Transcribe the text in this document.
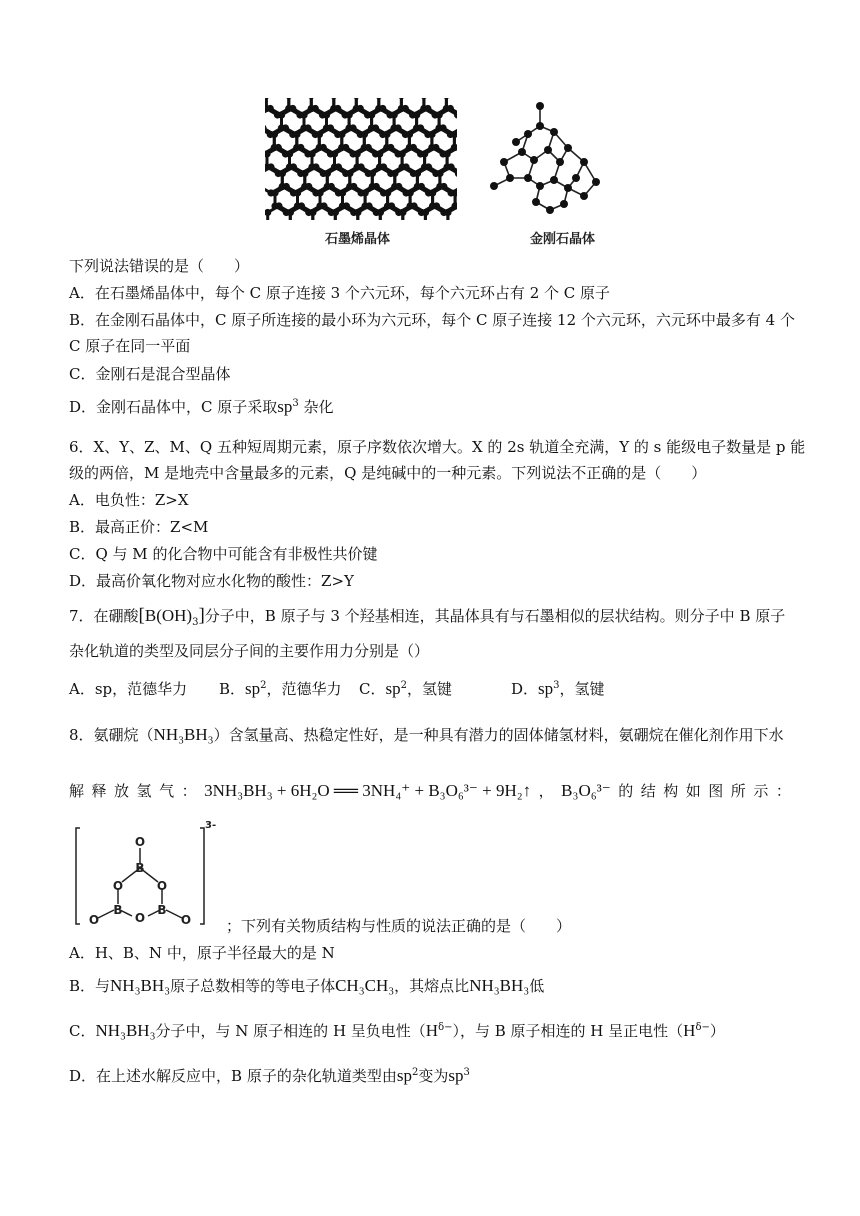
石墨烯晶体	金刚石晶体
下列说法错误的是（　　）
A．在石墨烯晶体中，每个 C 原子连接 3 个六元环，每个六元环占有 2 个 C 原子
B．在金刚石晶体中，C 原子所连接的最小环为六元环，每个 C 原子连接 12 个六元环，六元环中最多有 4 个
C 原子在同一平面
C．金刚石是混合型晶体
D．金刚石晶体中，C 原子采取$sp^3$ 杂化
6．X、Y、Z、M、Q 五种短周期元素，原子序数依次增大。X 的 2s 轨道全充满，Y 的 s 能级电子数量是 p 能
级的两倍，M 是地壳中含量最多的元素，Q 是纯碱中的一种元素。下列说法不正确的是（　　）
A．电负性：Z>X
B．最高正价：Z<M
C．Q 与 M 的化合物中可能含有非极性共价键
D．最高价氧化物对应水化物的酸性：Z>Y
7．在硼酸$[B(OH)_3]$分子中，B 原子与 3 个羟基相连，其晶体具有与石墨相似的层状结构。则分子中 B 原子
杂化轨道的类型及同层分子间的主要作用力分别是（）
A．sp，范德华力 B．$sp^2$，范德华力 C．$sp^2$，氢键	D．$sp^3$，氢键
8．氨硼烷（NH₃BH₃）含氢量高、热稳定性好，是一种具有潜力的固体储氢材料，氨硼烷在催化剂作用下水
解 释 放 氢 气 ： 3NH₃BH₃ + 6H₂O ══ 3NH₄⁺ + B₃O₆³⁻ + 9H₂↑ ， B₃O₆³⁻ 的 结 构 如 图 所 示 ：
O
B
O	O
O
B
O
B
O
3-
；下列有关物质结构与性质的说法正确的是（　　）
A．H、B、N 中，原子半径最大的是 N
B．与NH₃BH₃原子总数相等的等电子体CH₃CH₃，其熔点比NH₃BH₃低
C．NH₃BH₃分子中，与 N 原子相连的 H 呈负电性$(H^{\delta-})$，与 B 原子相连的 H 呈正电性$(H^{\delta-})$
D．在上述水解反应中，B 原子的杂化轨道类型由$sp^2$变为$sp^3$
